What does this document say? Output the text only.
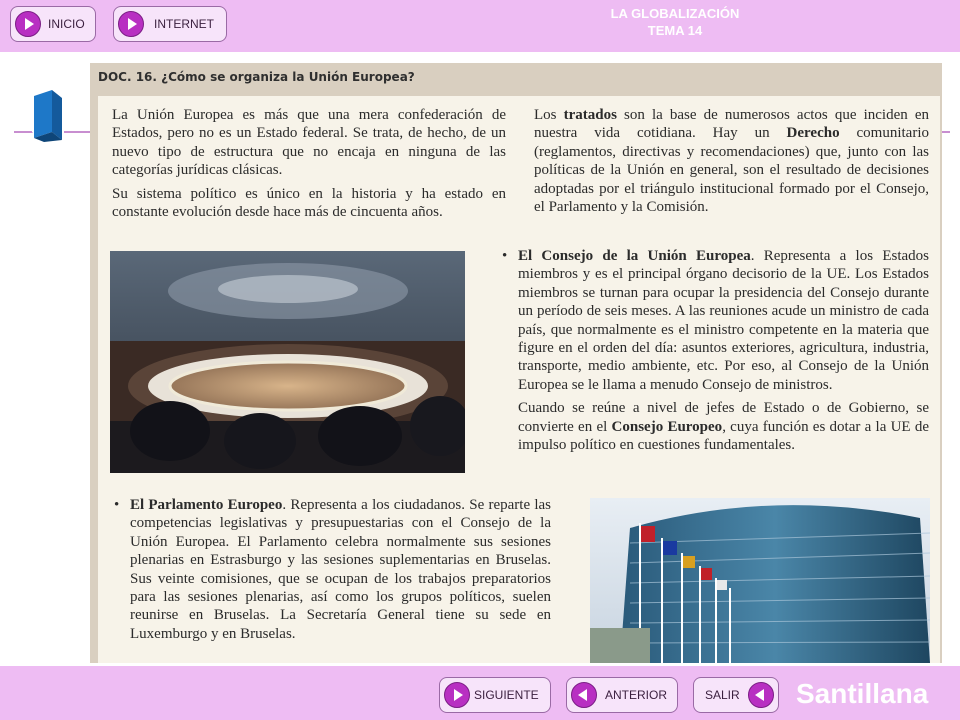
INICIO	INTERNET
LA GLOBALIZACIÓN
TEMA 14
DOC. 16. ¿Cómo se organiza la Unión Europea?

La Unión Europea es más que una mera confederación de Estados, pero no es un Estado federal. Se trata, de hecho, de un nuevo tipo de estructura que no encaja en ninguna de las categorías jurídicas clásicas.

Su sistema político es único en la historia y ha estado en constante evolución desde hace más de cincuenta años.

Los tratados son la base de numerosos actos que inciden en nuestra vida cotidiana. Hay un Derecho comunitario (reglamentos, directivas y recomendaciones) que, junto con las políticas de la Unión en general, son el resultado de decisiones adoptadas por el triángulo institucional formado por el Consejo, el Parlamento y la Comisión.

• El Consejo de la Unión Europea. Representa a los Estados miembros y es el principal órgano decisorio de la UE. Los Estados miembros se turnan para ocupar la presidencia del Consejo durante un período de seis meses. A las reuniones acude un ministro de cada país, que normalmente es el ministro competente en la materia que figure en el orden del día: asuntos exteriores, agricultura, industria, transporte, medio ambiente, etc. Por eso, al Consejo de la Unión Europea se le llama a menudo Consejo de ministros.

Cuando se reúne a nivel de jefes de Estado o de Gobierno, se convierte en el Consejo Europeo, cuya función es dotar a la UE de impulso político en cuestiones fundamentales.

• El Parlamento Europeo. Representa a los ciudadanos. Se reparte las competencias legislativas y presupuestarias con el Consejo de la Unión Europea. El Parlamento celebra normalmente sus sesiones plenarias en Estrasburgo y las sesiones suplementarias en Bruselas. Sus veinte comisiones, que se ocupan de los trabajos preparatorios para las sesiones plenarias, así como los grupos políticos, suelen reunirse en Bruselas. La Secretaría General tiene su sede en Luxemburgo y en Bruselas.

SIGUIENTE	ANTERIOR	SALIR Santillana
